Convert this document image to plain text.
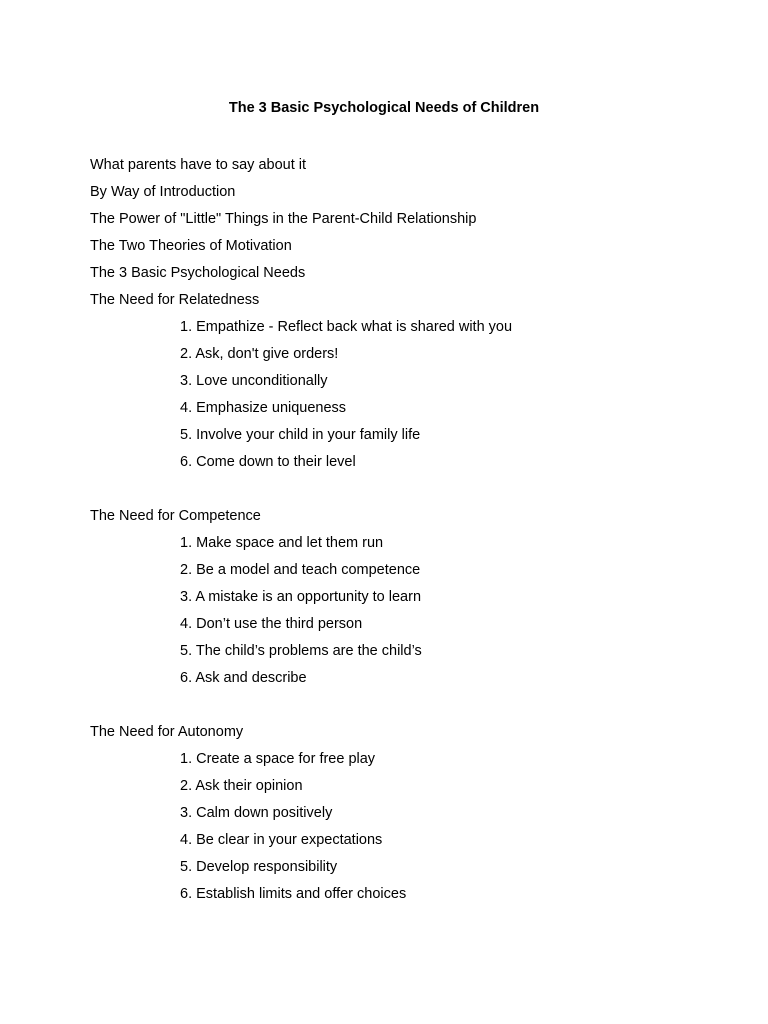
The 3 Basic Psychological Needs of Children
What parents have to say about it
By Way of Introduction
The Power of "Little" Things in the Parent-Child Relationship
The Two Theories of Motivation
The 3 Basic Psychological Needs
The Need for Relatedness
1. Empathize - Reflect back what is shared with you
2. Ask, don't give orders!
3. Love unconditionally
4. Emphasize uniqueness
5. Involve your child in your family life
6. Come down to their level
The Need for Competence
1. Make space and let them run
2. Be a model and teach competence
3. A mistake is an opportunity to learn
4. Don’t use the third person
5. The child’s problems are the child’s
6. Ask and describe
The Need for Autonomy
1. Create a space for free play
2. Ask their opinion
3. Calm down positively
4. Be clear in your expectations
5. Develop responsibility
6. Establish limits and offer choices
